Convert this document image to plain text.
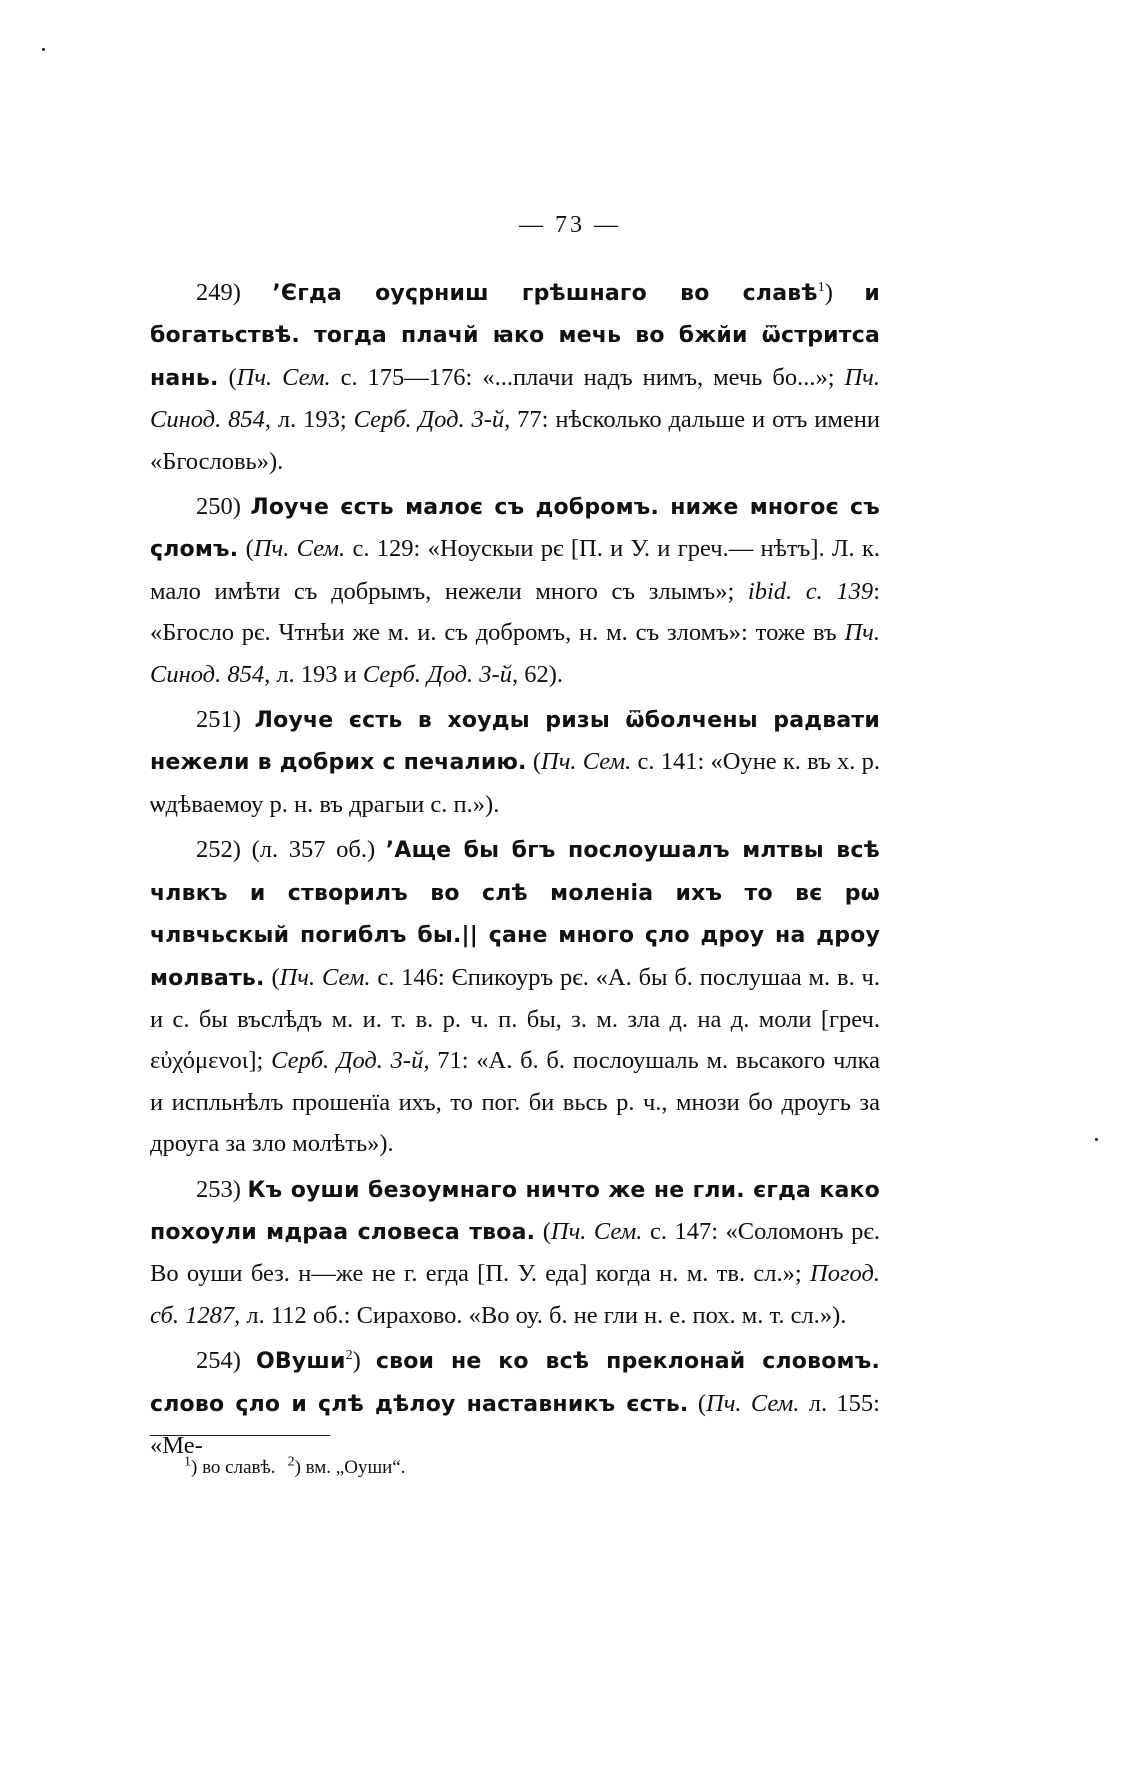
— 73 —

249) ʼЄгда оуҁрниш грѣшнаго во славѣ$^1$) и богатьствѣ. тогда плачй ꙗко мечь во бжйи ѿстритса нань. (Пч. Сем. с. 175—176: «...плачи надъ нимъ, мечь бо...»; Пч. Синод. 854, л. 193; Серб. Дод. 3-й, 77: нѣсколько дальше и отъ имени «Бгословь»).

250) Лоуче єсть малоє съ добромъ. ниже многоє съ ҁломъ. (Пч. Сем. с. 129: «Ноускыи рє [П. и У. и греч.— нѣтъ]. Л. к. мало имѣти съ добрымъ, нежели много съ злымъ»; ibid. с. 139: «Бгосло рє. Чтнѣи же м. и. съ добромъ, н. м. съ зломъ»: тоже въ Пч. Синод. 854, л. 193 и Серб. Дод. 3-й, 62).

251) Лоуче єсть в хоуды ризы ѿболчены радвати нежели в добрих с печалию. (Пч. Сем. с. 141: «Оуне к. въ х. р. ѡдѣваемоу р. н. въ драгыи с. п.»).

252) (л. 357 об.) ʼАще бы бгъ послоушалъ млтвы всѣ члвкъ и створилъ во слѣ моленіа ихъ то вє рѡ члвчьскый погиблъ бы.|| ҁане много ҁло дроу на дроу молвать. (Пч. Сем. с. 146: Єпикоуръ рє. «А. бы б. послушаа м. в. ч. и с. бы въслѣдъ м. и. т. в. р. ч. п. бы, з. м. зла д. на д. моли [греч. εὐχόμενοι]; Серб. Дод. 3-й, 71: «А. б. б. послоушаль м. вьсакого члка и испльнѣлъ прошенїа ихъ, то пог. би вьсь р. ч., мнози бо дроугь за дроуга за зло молѣть»).

253) Къ оуши безоумнаго ничто же не гли. єгда како похоули мдраа словеса твоа. (Пч. Сем. с. 147: «Соломонъ рє. Во оуши без. н—же не г. егда [П. У. еда] когда н. м. тв. сл.»; Погод. сб. 1287, л. 112 об.: Сирахово. «Во оу. б. не гли н. е. пох. м. т. сл.»).

254) ОВуши$^2$) свои не ко всѣ преклонай словомъ. слово ҁло и ҁлѣ дѣлоу наставникъ єсть. (Пч. Сем. л. 155: «Ме-

$^1$) во славѣ. $^2$) вм. „Оуши“.
